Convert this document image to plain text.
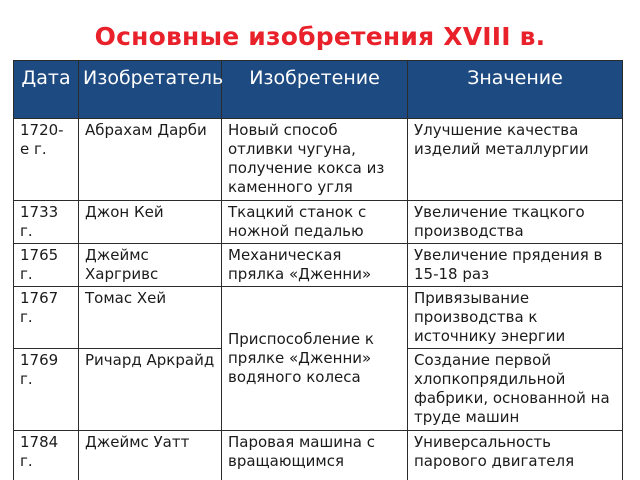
Основные изобретения XVIII в.
Дата	Изобретатель	Изобретение	Значение
1720-е г.	Абрахам Дарби	Новый способ отливки чугуна, получение кокса из каменного угля	Улучшение качества изделий металлургии
1733 г.	Джон Кей	Ткацкий станок с ножной педалью	Увеличение ткацкого производства
1765 г.	Джеймс Харгривс	Механическая прялка «Дженни»	Увеличение прядения в 15-18 раз
1767 г.	Томас Хей	Приспособление к прялке «Дженни» водяного колеса	Привязывание производства к источнику энергии
1769 г.	Ричард Аркрайд		Создание первой хлопкопрядильной фабрики, основанной на труде машин
1784 г.	Джеймс Уатт	Паровая машина с вращающимся	Универсальность парового двигателя
